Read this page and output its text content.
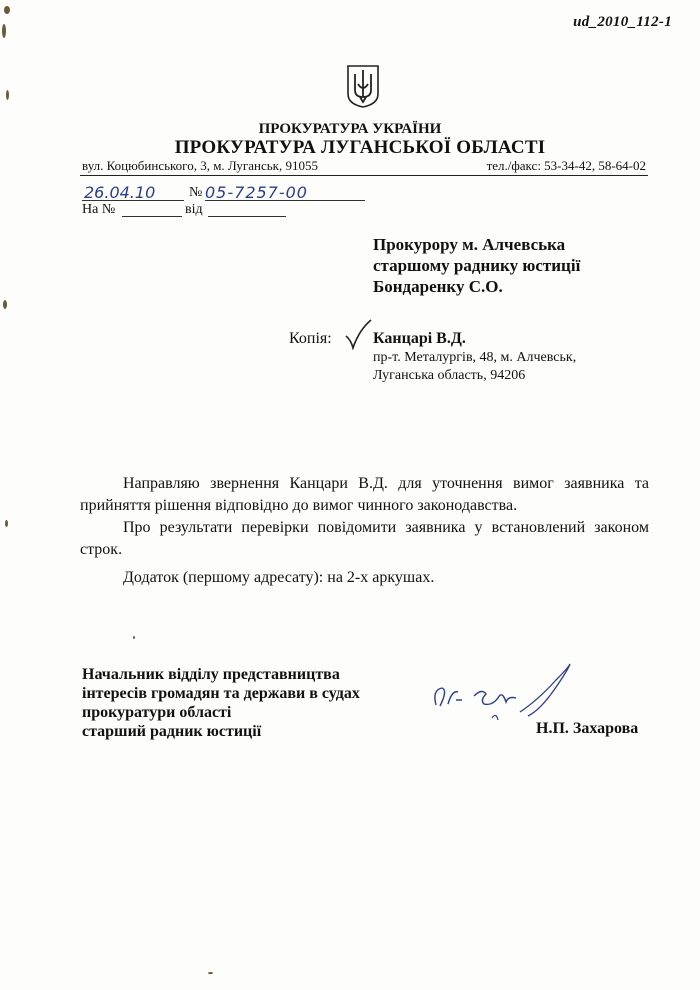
ud_2010_112-1
ПРОКУРАТУРА УКРАЇНИ
ПРОКУРАТУРА ЛУГАНСЬКОЇ ОБЛАСТІ
вул. Коцюбинського, 3, м. Луганськ, 91055	тел./факс: 53-34-42, 58-64-02
26.04.10 № 05-7257-00
На №	від
Прокурору м. Алчевська
старшому раднику юстиції
Бондаренку С.О.
Копія:	Канцарі В.Д.
пр-т. Металургів, 48, м. Алчевськ,
Луганська область, 94206

Направляю звернення Канцари В.Д. для уточнення вимог заявника та прийняття рішення відповідно до вимог чинного законодавства.

Про результати перевірки повідомити заявника у встановлений законом строк.

Додаток (першому адресату): на 2-х аркушах.
Начальник відділу представництва
інтересів громадян та держави в судах
прокуратури області
старший радник юстиції	Н.П. Захарова
